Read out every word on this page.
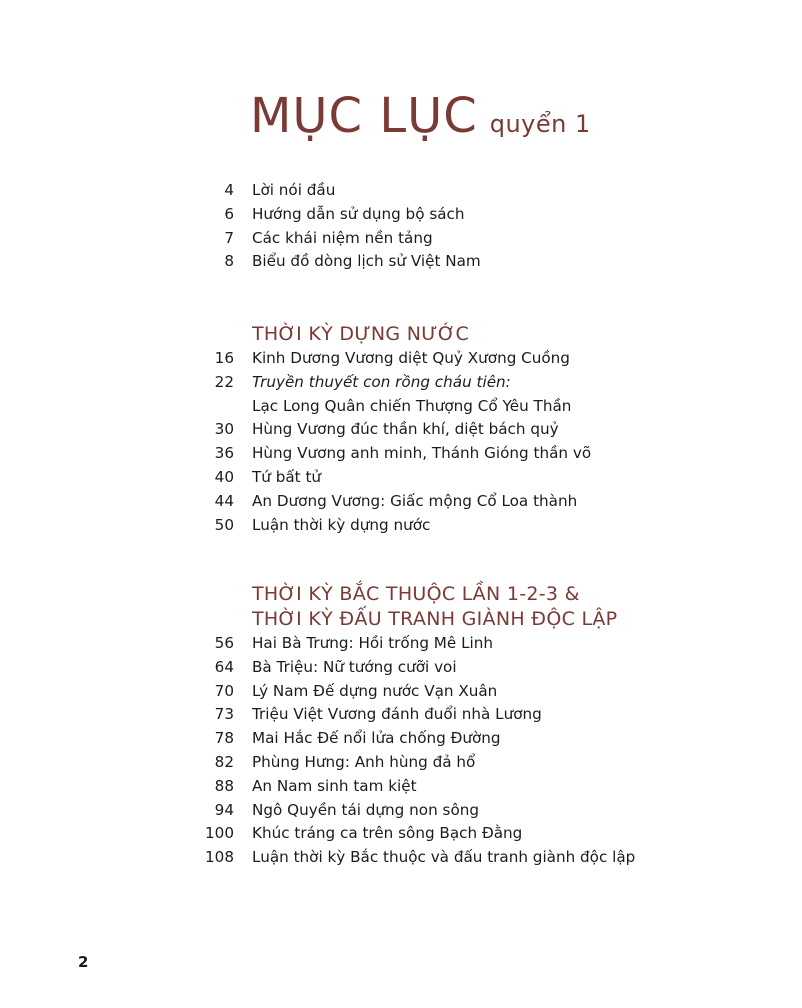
MỤC LỤC quyển 1
4 Lời nói đầu
6 Hướng dẫn sử dụng bộ sách
7 Các khái niệm nền tảng
8 Biểu đồ dòng lịch sử Việt Nam
THỜI KỲ DỰNG NƯỚC
16 Kinh Dương Vương diệt Quỷ Xương Cuồng
22 Truyền thuyết con rồng cháu tiên:
Lạc Long Quân chiến Thượng Cổ Yêu Thần
30 Hùng Vương đúc thần khí, diệt bách quỷ
36 Hùng Vương anh minh, Thánh Gióng thần võ
40 Tứ bất tử
44 An Dương Vương: Giấc mộng Cổ Loa thành
50 Luận thời kỳ dựng nước
THỜI KỲ BẮC THUỘC LẦN 1-2-3 &
THỜI KỲ ĐẤU TRANH GIÀNH ĐỘC LẬP
56 Hai Bà Trưng: Hồi trống Mê Linh
64 Bà Triệu: Nữ tướng cưỡi voi
70 Lý Nam Đế dựng nước Vạn Xuân
73 Triệu Việt Vương đánh đuổi nhà Lương
78 Mai Hắc Đế nổi lửa chống Đường
82 Phùng Hưng: Anh hùng đả hổ
88 An Nam sinh tam kiệt
94 Ngô Quyền tái dựng non sông
100 Khúc tráng ca trên sông Bạch Đằng
108 Luận thời kỳ Bắc thuộc và đấu tranh giành độc lập
2
